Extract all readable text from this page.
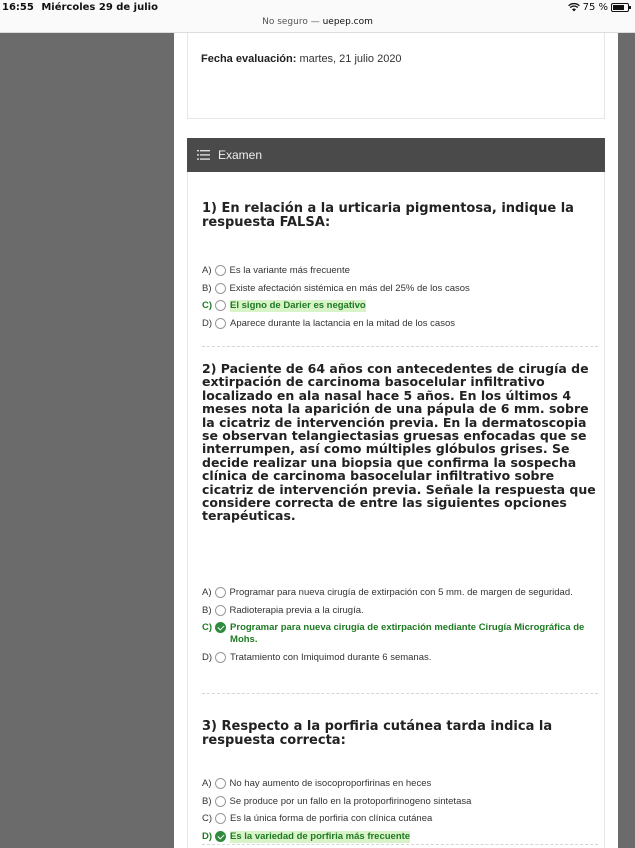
16:55 Miércoles 29 de julio	75 %
No seguro — uepep.com
Fecha evaluación: martes, 21 julio 2020
Examen
1) En relación a la urticaria pigmentosa, indique la respuesta FALSA:
A) Es la variante más frecuente
B) Existe afectación sistémica en más del 25% de los casos
C) El signo de Darier es negativo
D) Aparece durante la lactancia en la mitad de los casos
2) Paciente de 64 años con antecedentes de cirugía de extirpación de carcinoma basocelular infiltrativo localizado en ala nasal hace 5 años. En los últimos 4 meses nota la aparición de una pápula de 6 mm. sobre la cicatriz de intervención previa. En la dermatoscopia se observan telangiectasias gruesas enfocadas que se interrumpen, así como múltiples glóbulos grises. Se decide realizar una biopsia que confirma la sospecha clínica de carcinoma basocelular infiltrativo sobre cicatriz de intervención previa. Señale la respuesta que considere correcta de entre las siguientes opciones terapéuticas.
A) Programar para nueva cirugía de extirpación con 5 mm. de margen de seguridad.
B) Radioterapia previa a la cirugía.
C) Programar para nueva cirugía de extirpación mediante Cirugía Micrográfica de Mohs.
D) Tratamiento con Imiquimod durante 6 semanas.
3) Respecto a la porfiria cutánea tarda indica la respuesta correcta:
A) No hay aumento de isocoproporfirinas en heces
B) Se produce por un fallo en la protoporfirinogeno sintetasa
C) Es la única forma de porfiria con clínica cutánea
D) Es la variedad de porfiria más frecuente
